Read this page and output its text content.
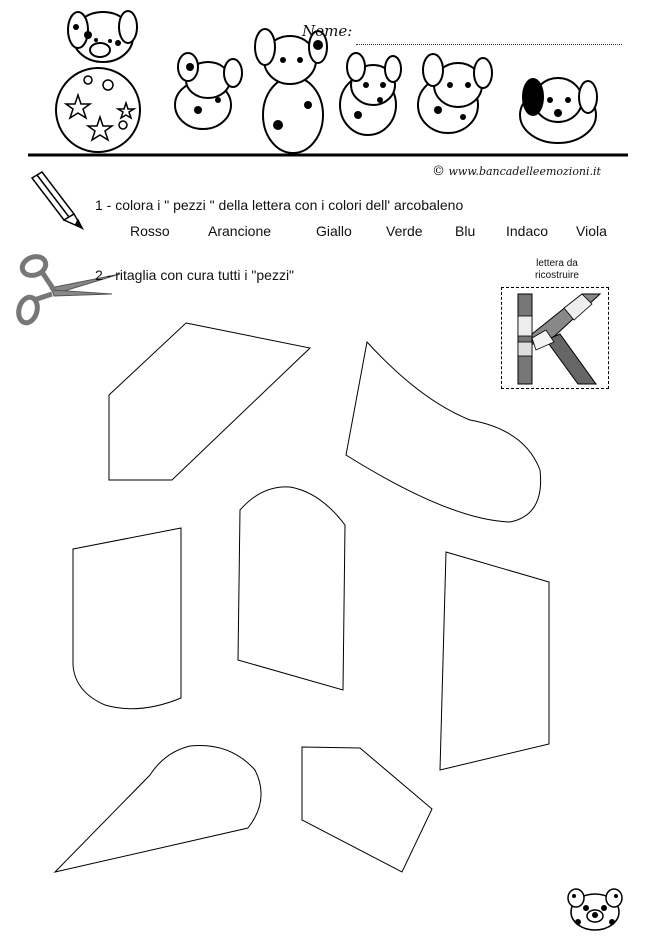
Nome:
© www.bancadelleemozioni.it
1 - colora i " pezzi " della lettera con i colori dell' arcobaleno
Rosso	Arancione	Giallo Verde Blu Indaco Viola
2 - ritaglia con cura tutti i "pezzi"
lettera da
ricostruire
